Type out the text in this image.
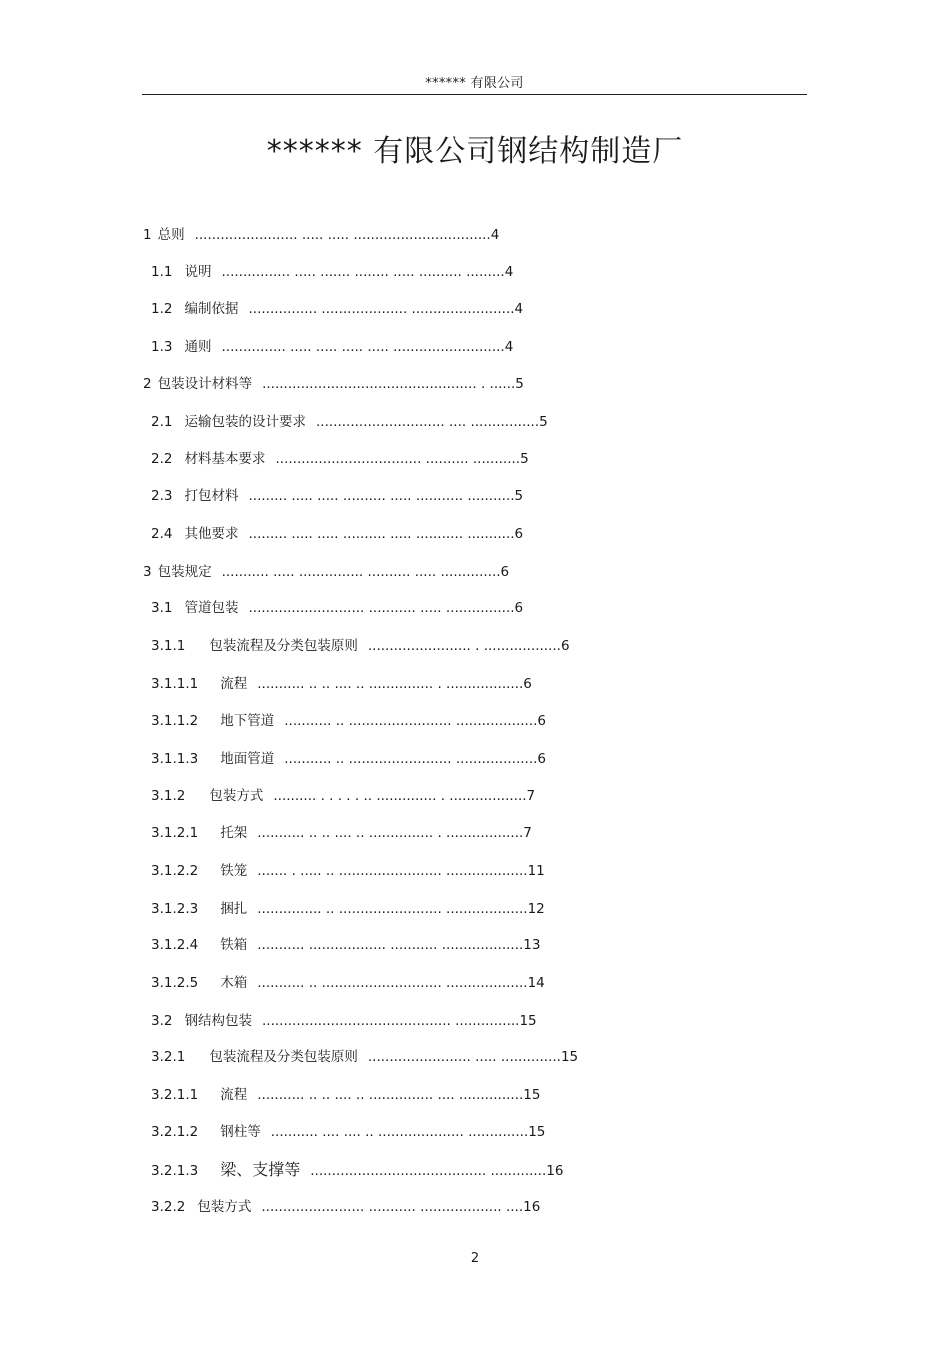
****** 有限公司
****** 有限公司钢结构制造厂
1 总则 ........................ ..... ..... ................................4
1.1 说明 ................ ..... ....... ........ ..... .......... .........4
1.2 编制依据 ................ .................... ........................4
1.3 通则 ............... ..... ..... ..... ..... ..........................4
2 包装设计材料等 .................................................. . ......5
2.1 运输包装的设计要求 .............................. .... ................5
2.2 材料基本要求 .................................. .......... ...........5
2.3 打包材料 ......... ..... ..... .......... ..... ........... ...........5
2.4 其他要求 ......... ..... ..... .......... ..... ........... ...........6
3 包装规定 ........... ..... ............... .......... ..... ..............6
3.1 管道包装 ........................... ........... ..... ................6
3.1.1 包装流程及分类包装原则 ........................ . ..................6
3.1.1.1 流程 ........... .. .. .... .. ............... . ..................6
3.1.1.2 地下管道 ........... .. ........................ ...................6
3.1.1.3 地面管道 ........... .. ........................ ...................6
3.1.2 包装方式 .......... . . . . . .. .............. . ..................7
3.1.2.1 托架 ........... .. .. .... .. ............... . ..................7
3.1.2.2 铁笼 ....... . ..... .. ........................ ...................11
3.1.2.3 捆扎 ............... .. ........................ ...................12
3.1.2.4 铁箱 ........... .................. ........... ...................13
3.1.2.5 木箱 ........... .. ............................ ...................14
3.2 钢结构包装 ............................................ ...............15
3.2.1 包装流程及分类包装原则 ........................ ..... ..............15
3.2.1.1 流程 ........... .. .. .... .. ............... .... ...............15
3.2.1.2 钢柱等 ........... .... .... .. .................... ..............15
3.2.1.3 梁、支撑等 ......................................... .............16
3.2.2 包装方式 ........................ ........... ................... ....16
2
